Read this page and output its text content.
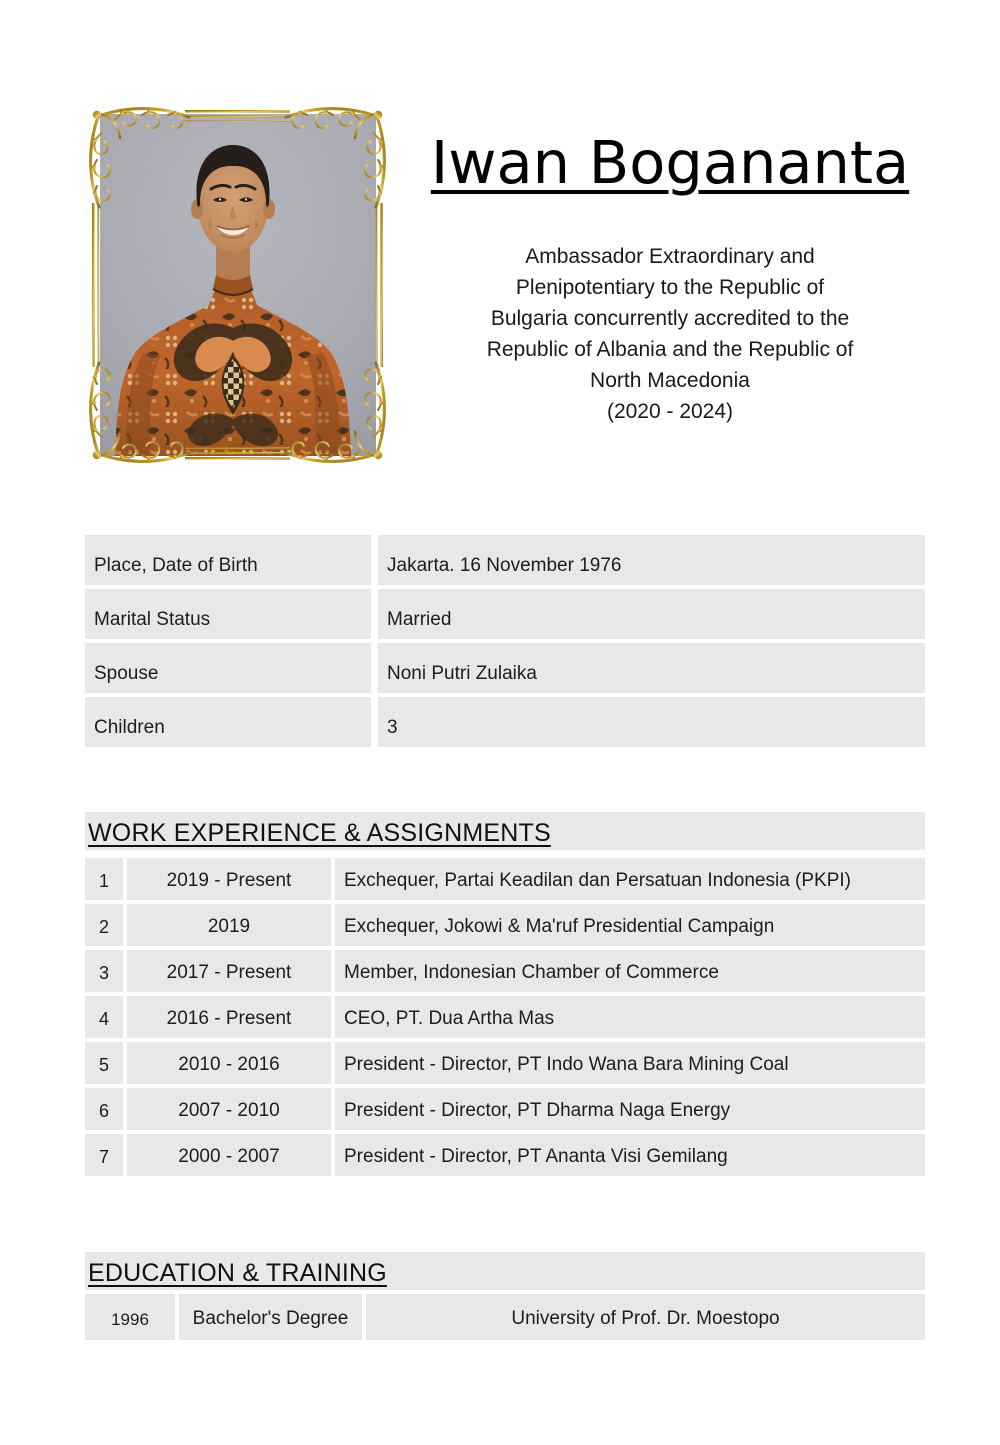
Iwan Bogananta
Ambassador Extraordinary and
Plenipotentiary to the Republic of
Bulgaria concurrently accredited to the
Republic of Albania and the Republic of
North Macedonia
(2020 - 2024)
Place, Date of Birth	Jakarta. 16 November 1976
Marital Status	Married
Spouse	Noni Putri Zulaika
Children	3
WORK EXPERIENCE & ASSIGNMENTS
1	2019 - Present	Exchequer, Partai Keadilan dan Persatuan Indonesia (PKPI)
2	2019	Exchequer, Jokowi & Ma'ruf Presidential Campaign
3	2017 - Present	Member, Indonesian Chamber of Commerce
4	2016 - Present	CEO, PT. Dua Artha Mas
5	2010 - 2016	President - Director, PT Indo Wana Bara Mining Coal
6	2007 - 2010	President - Director, PT Dharma Naga Energy
7	2000 - 2007	President - Director, PT Ananta Visi Gemilang
EDUCATION & TRAINING
1996	Bachelor's Degree	University of Prof. Dr. Moestopo
